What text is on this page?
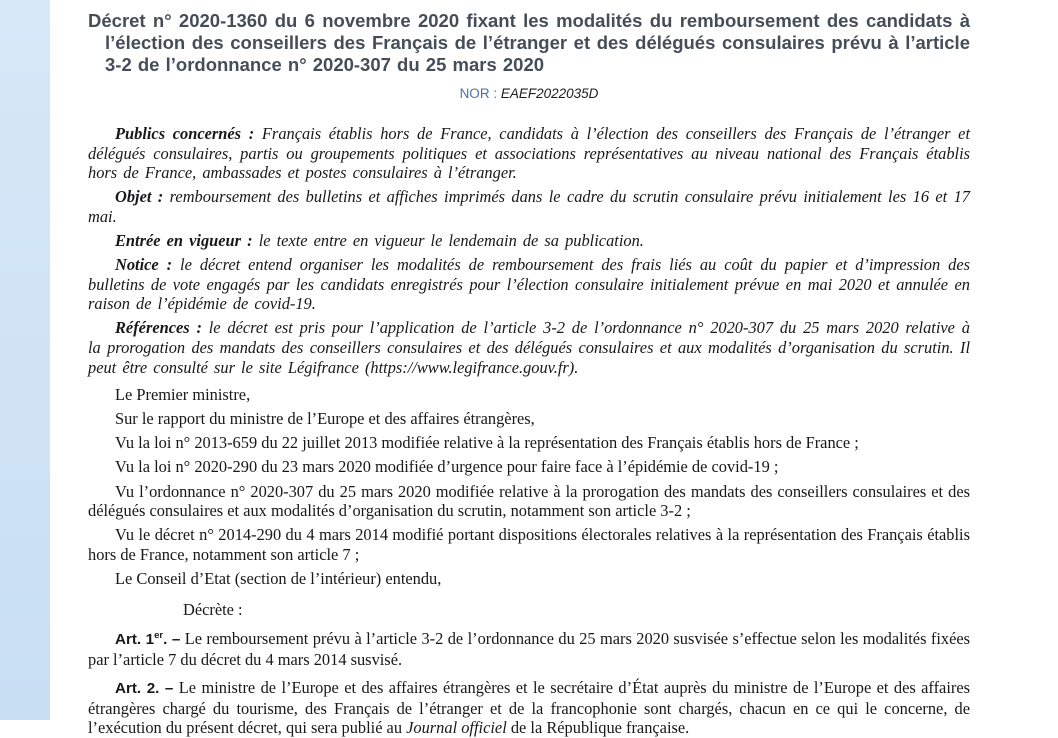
Décret n° 2020-1360 du 6 novembre 2020 fixant les modalités du remboursement des candidats à l’élection des conseillers des Français de l’étranger et des délégués consulaires prévu à l’article 3-2 de l’ordonnance n° 2020-307 du 25 mars 2020
NOR : EAEF2022035D

Publics concernés : Français établis hors de France, candidats à l’élection des conseillers des Français de l’étranger et délégués consulaires, partis ou groupements politiques et associations représentatives au niveau national des Français établis hors de France, ambassades et postes consulaires à l’étranger.

Objet : remboursement des bulletins et affiches imprimés dans le cadre du scrutin consulaire prévu initialement les 16 et 17 mai.

Entrée en vigueur : le texte entre en vigueur le lendemain de sa publication.

Notice : le décret entend organiser les modalités de remboursement des frais liés au coût du papier et d’impression des bulletins de vote engagés par les candidats enregistrés pour l’élection consulaire initialement prévue en mai 2020 et annulée en raison de l’épidémie de covid-19.

Références : le décret est pris pour l’application de l’article 3-2 de l’ordonnance n° 2020-307 du 25 mars 2020 relative à la prorogation des mandats des conseillers consulaires et des délégués consulaires et aux modalités d’organisation du scrutin. Il peut être consulté sur le site Légifrance (https://www.legifrance.gouv.fr).

Le Premier ministre,

Sur le rapport du ministre de l’Europe et des affaires étrangères,

Vu la loi n° 2013-659 du 22 juillet 2013 modifiée relative à la représentation des Français établis hors de France ;

Vu la loi n° 2020-290 du 23 mars 2020 modifiée d’urgence pour faire face à l’épidémie de covid-19 ;

Vu l’ordonnance n° 2020-307 du 25 mars 2020 modifiée relative à la prorogation des mandats des conseillers consulaires et des délégués consulaires et aux modalités d’organisation du scrutin, notamment son article 3-2 ;

Vu le décret n° 2014-290 du 4 mars 2014 modifié portant dispositions électorales relatives à la représentation des Français établis hors de France, notamment son article 7 ;

Le Conseil d’Etat (section de l’intérieur) entendu,

Décrète :

Art. 1er. – Le remboursement prévu à l’article 3-2 de l’ordonnance du 25 mars 2020 susvisée s’effectue selon les modalités fixées par l’article 7 du décret du 4 mars 2014 susvisé.

Art. 2. – Le ministre de l’Europe et des affaires étrangères et le secrétaire d’État auprès du ministre de l’Europe et des affaires étrangères chargé du tourisme, des Français de l’étranger et de la francophonie sont chargés, chacun en ce qui le concerne, de l’exécution du présent décret, qui sera publié au Journal officiel de la République française.
